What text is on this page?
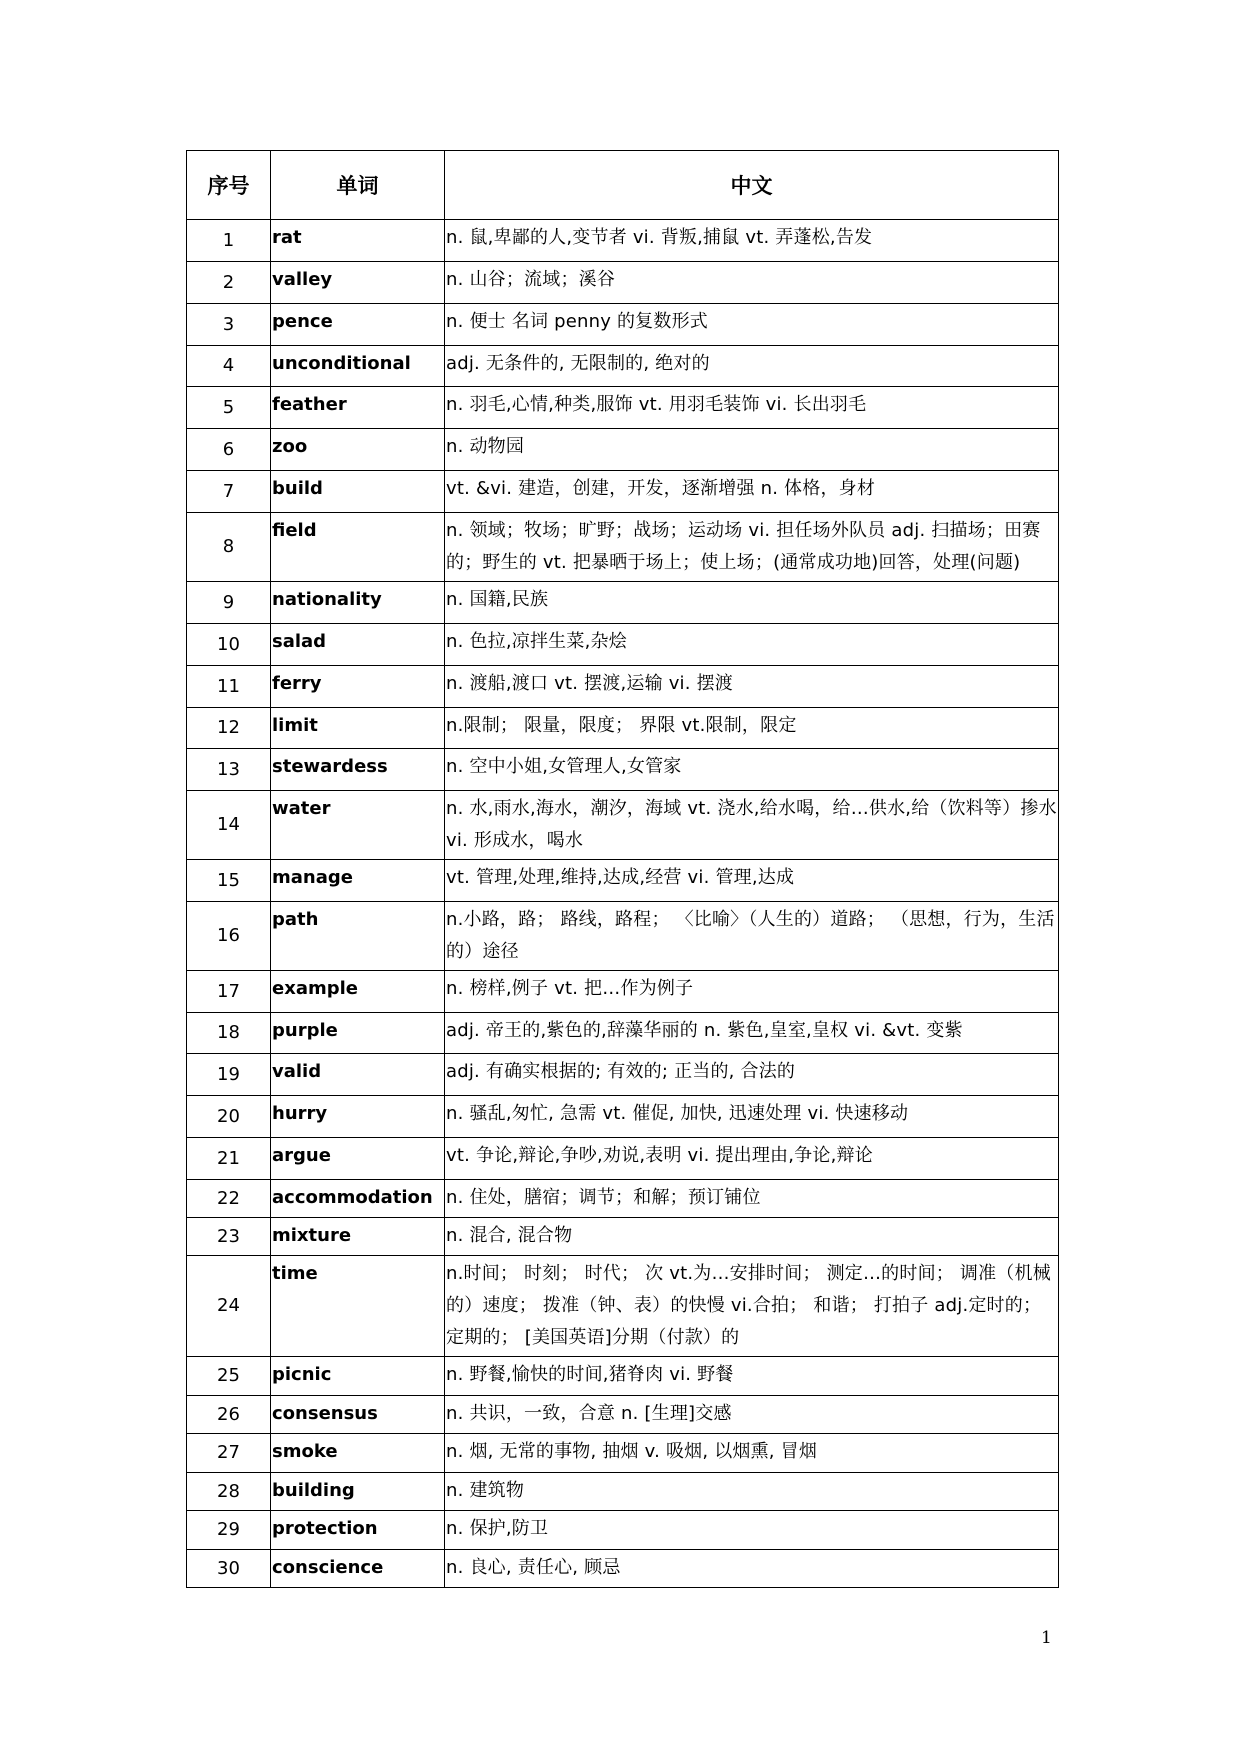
序号	单词	中文
1	rat	n. 鼠,卑鄙的人,变节者 vi. 背叛,捕鼠 vt. 弄蓬松,告发
2	valley	n. 山谷；流域；溪谷
3	pence	n. 便士 名词 penny 的复数形式
4	unconditional	adj. 无条件的, 无限制的, 绝对的
5	feather	n. 羽毛,心情,种类,服饰 vt. 用羽毛装饰 vi. 长出羽毛
6	zoo	n. 动物园
7	build	vt. &vi. 建造，创建，开发，逐渐增强 n. 体格，身材
8	field	n. 领域；牧场；旷野；战场；运动场 vi. 担任场外队员 adj. 扫描场；田赛的；野生的 vt. 把暴晒于场上；使上场；(通常成功地)回答，处理(问题)
9	nationality	n. 国籍,民族
10	salad	n. 色拉,凉拌生菜,杂烩
11	ferry	n. 渡船,渡口 vt. 摆渡,运输 vi. 摆渡
12	limit	n.限制； 限量，限度； 界限 vt.限制，限定
13	stewardess	n. 空中小姐,女管理人,女管家
14	water	n. 水,雨水,海水，潮汐，海域 vt. 浇水,给水喝，给…供水,给（饮料等）掺水 vi. 形成水，喝水
15	manage	vt. 管理,处理,维持,达成,经营 vi. 管理,达成
16	path	n.小路，路； 路线，路程； 〈比喻〉（人生的）道路； （思想，行为，生活的）途径
17	example	n. 榜样,例子 vt. 把…作为例子
18	purple	adj. 帝王的,紫色的,辞藻华丽的 n. 紫色,皇室,皇权 vi. &vt. 变紫
19	valid	adj. 有确实根据的; 有效的; 正当的, 合法的
20	hurry	n. 骚乱,匆忙, 急需 vt. 催促, 加快, 迅速处理 vi. 快速移动
21	argue	vt. 争论,辩论,争吵,劝说,表明 vi. 提出理由,争论,辩论
22	accommodation	n. 住处，膳宿；调节；和解；预订铺位
23	mixture	n. 混合, 混合物
24	time	n.时间； 时刻； 时代； 次 vt.为…安排时间； 测定…的时间； 调准（机械的）速度； 拨准（钟、表）的快慢 vi.合拍； 和谐； 打拍子 adj.定时的； 定期的； [美国英语]分期（付款）的
25	picnic	n. 野餐,愉快的时间,猪脊肉 vi. 野餐
26	consensus	n. 共识，一致，合意 n. [生理]交感
27	smoke	n. 烟, 无常的事物, 抽烟 v. 吸烟, 以烟熏, 冒烟
28	building	n. 建筑物
29	protection	n. 保护,防卫
30	conscience	n. 良心, 责任心, 顾忌
1
